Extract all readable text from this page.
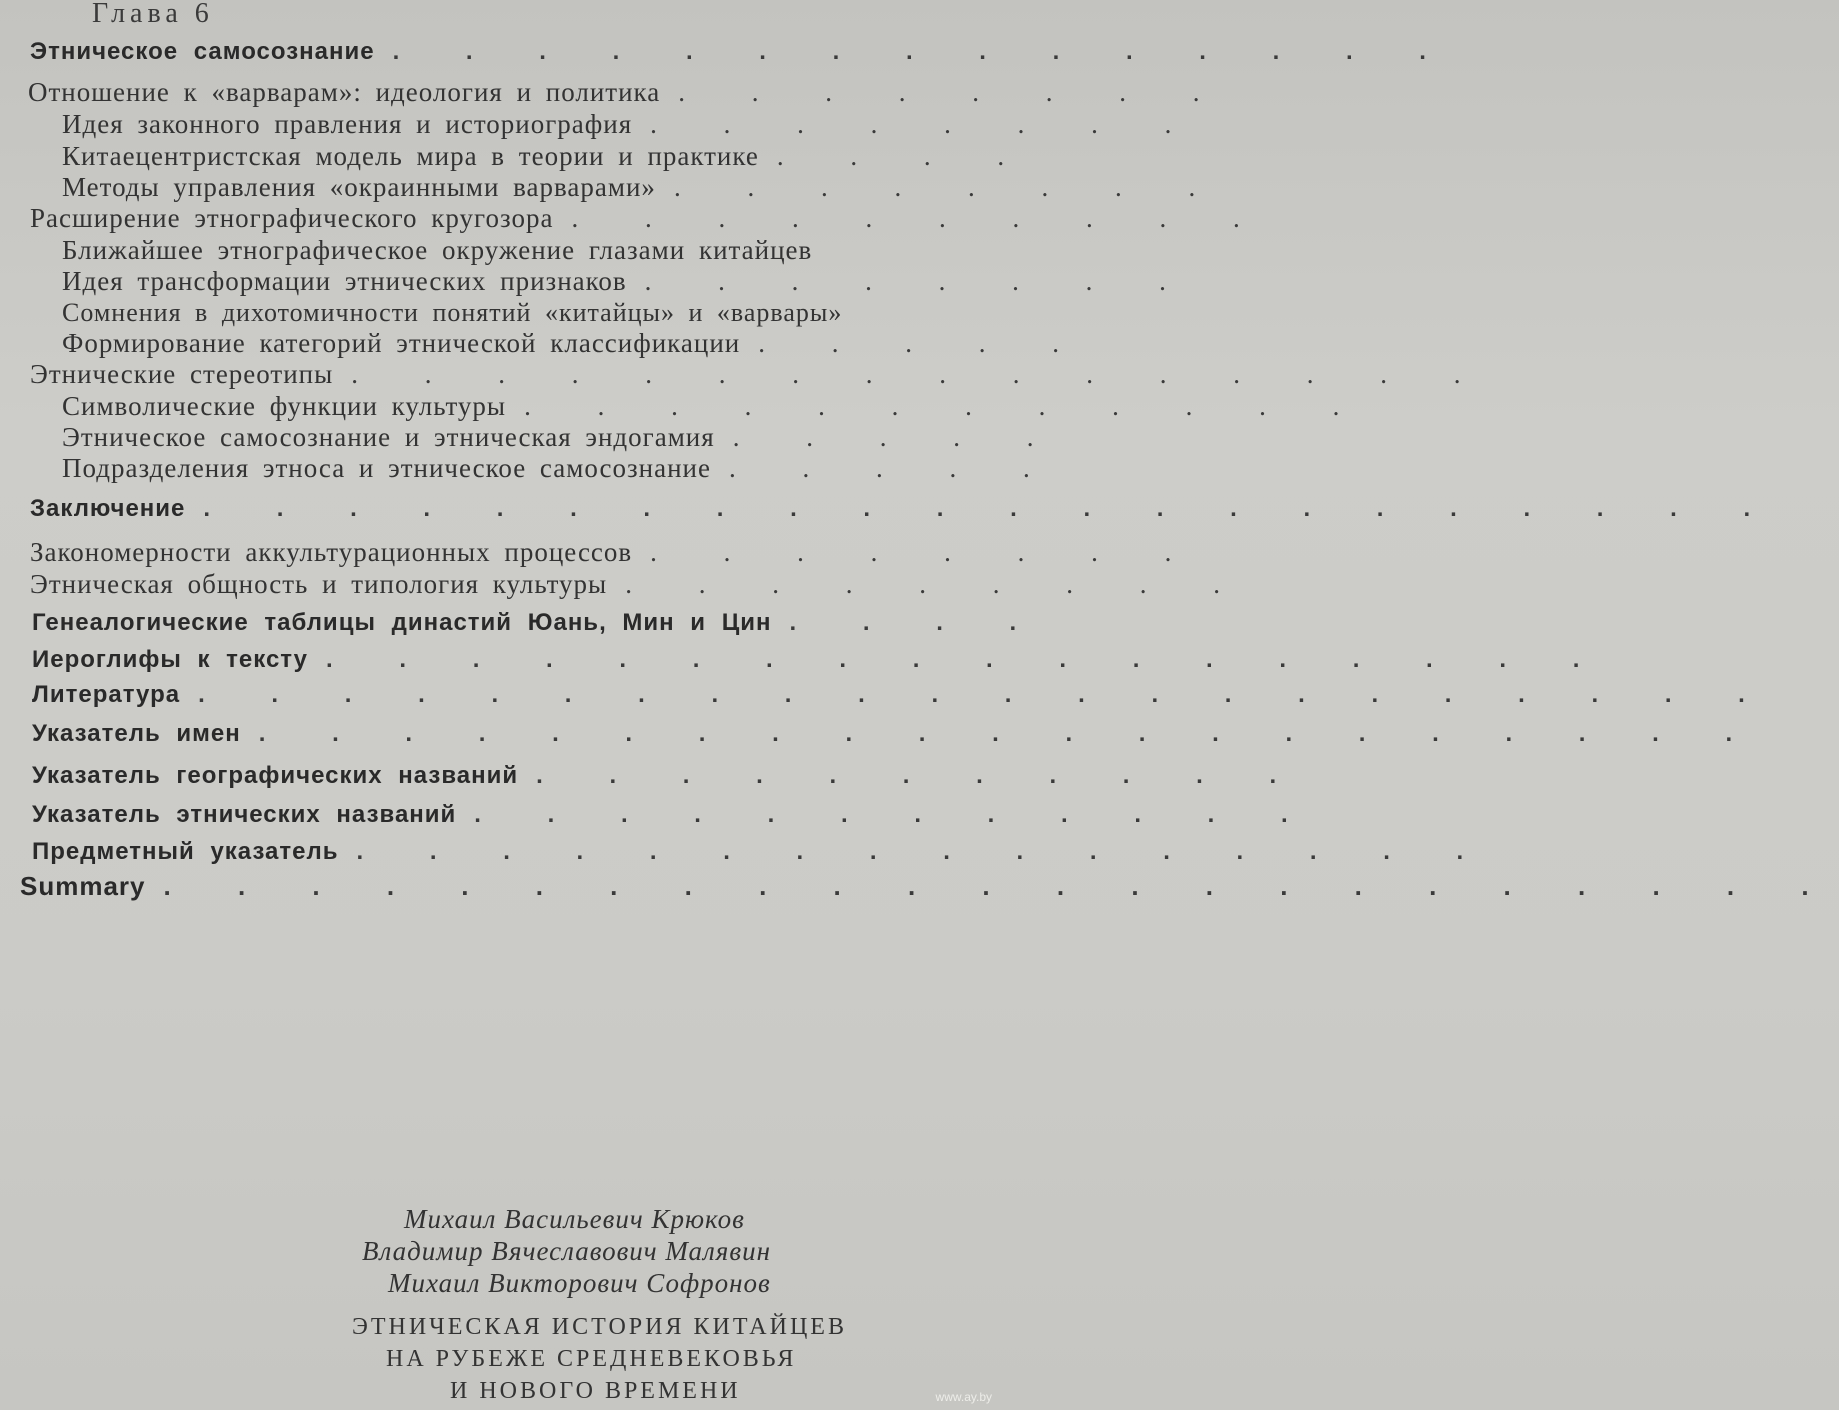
Глава 6
Этническое самосознание . . . . . . . . . . . . . . .
Отношение к «варварам»: идеология и политика . . . . . . . .
Идея законного правления и историография . . . . . . . .
Китаецентристская модель мира в теории и практике . . . .
Методы управления «окраинными варварами» . . . . . . . .
Расширение этнографического кругозора . . . . . . . . . .
Ближайшее этнографическое окружение глазами китайцев
Идея трансформации этнических признаков . . . . . . . .
Сомнения в дихотомичности понятий «китайцы» и «варвары»
Формирование категорий этнической классификации . . . . .
Этнические стереотипы . . . . . . . . . . . . . . . .
Символические функции культуры . . . . . . . . . . . .
Этническое самосознание и этническая эндогамия . . . . .
Подразделения этноса и этническое самосознание . . . . .
Заключение . . . . . . . . . . . . . . . . . . . . . .
Закономерности аккультурационных процессов . . . . . . . .
Этническая общность и типология культуры . . . . . . . . .
Генеалогические таблицы династий Юань, Мин и Цин . . . .
Иероглифы к тексту . . . . . . . . . . . . . . . . . .
Литература . . . . . . . . . . . . . . . . . . . . . .
Указатель имен . . . . . . . . . . . . . . . . . . . . .
Указатель географических названий . . . . . . . . . . .
Указатель этнических названий . . . . . . . . . . . .
Предметный указатель . . . . . . . . . . . . . . . .
Summary . . . . . . . . . . . . . . . . . . . . . . .
Михаил Васильевич Крюков
Владимир Вячеславович Малявин
Михаил Викторович Софронов
ЭТНИЧЕСКАЯ ИСТОРИЯ КИТАЙЦЕВ
НА РУБЕЖЕ СРЕДНЕВЕКОВЬЯ
И НОВОГО ВРЕМЕНИ	www.ay.by
